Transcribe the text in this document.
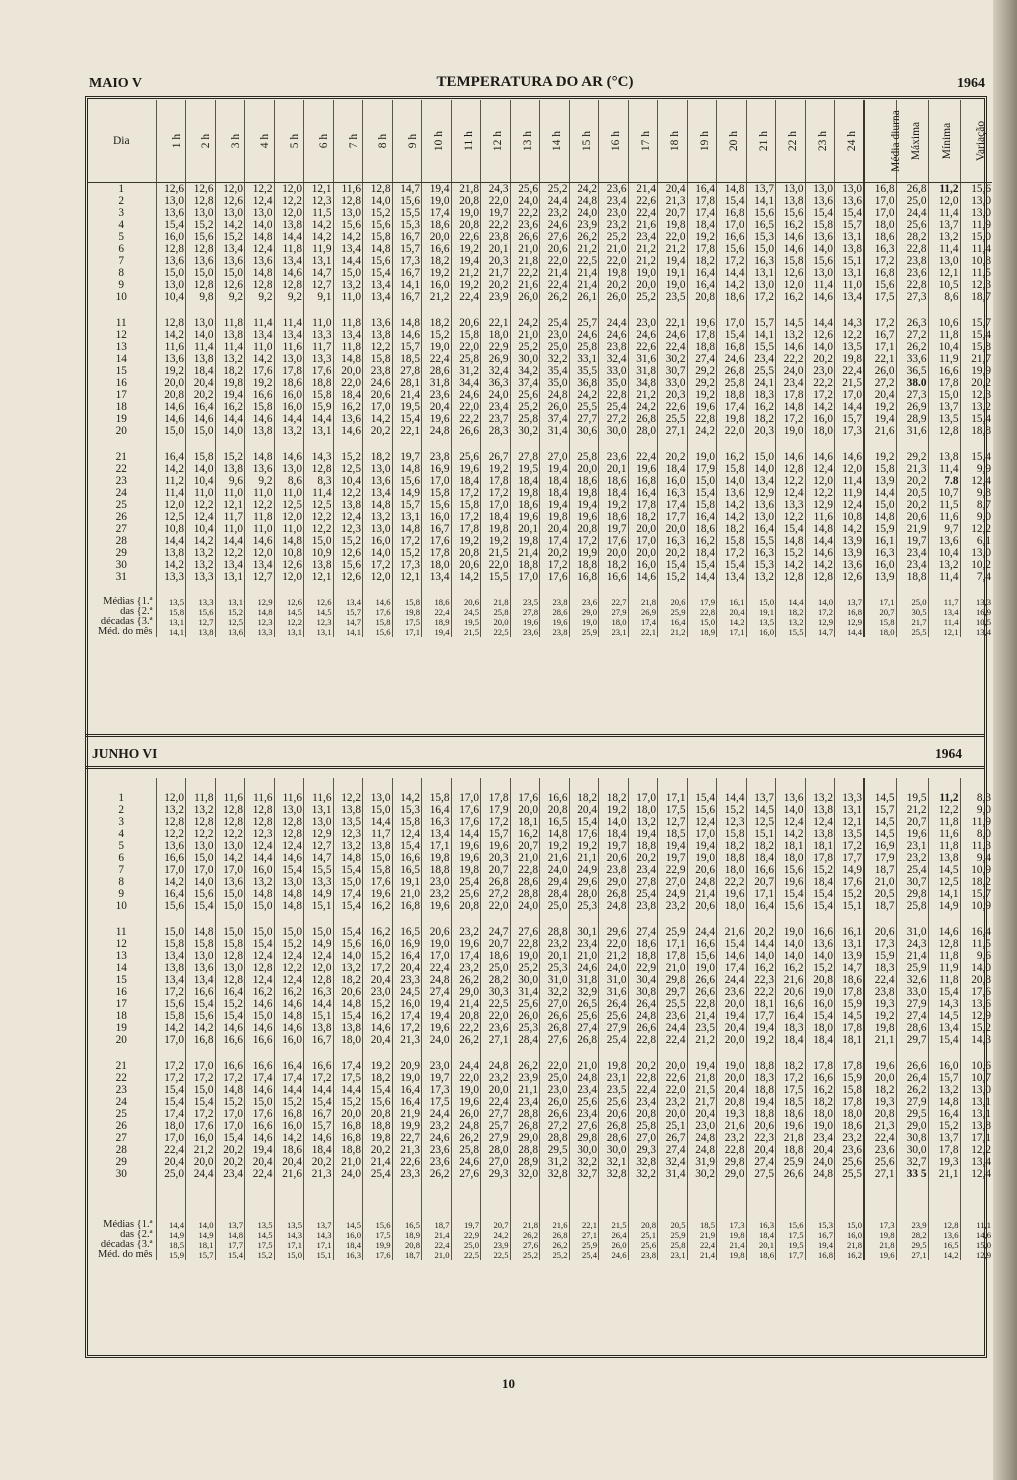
TEMPERATURA DO AR (°C)
MAIO V	1964
Dia	1 h	2 h	3 h	4 h	5 h	6 h	7 h	8 h	9 h	10 h	11 h	12 h	13 h	14 h	15 h	16 h	17 h	18 h	19 h	20 h	21 h	22 h	23 h	24 h	Média diurna	Máxima	Mínima	Variação
1	12,6	12,6	12,0	12,2	12,0	12,1	11,6	12,8	14,7	19,4	21,8	24,3	25,6	25,2	24,2	23,6	21,4	20,4	16,4	14,8	13,7	13,0	13,0	13,0	16,8	26,8	11,2	15,6
2	13,0	12,8	12,6	12,4	12,2	12,3	12,8	14,0	15,6	19,0	20,8	22,0	24,0	24,4	24,8	23,4	22,6	21,3	17,8	15,4	14,1	13,8	13,6	13,6	17,0	25,0	12,0	13,0
3	13,6	13,0	13,0	13,0	12,0	11,5	13,0	15,2	15,5	17,4	19,0	19,7	22,2	23,2	24,0	23,0	22,4	20,7	17,4	16,8	15,6	15,6	15,4	15,4	17,0	24,4	11,4	13,0
4	15,4	15,2	14,2	14,0	13,8	14,2	15,6	15,6	15,3	18,6	20,8	22,2	23,6	24,6	23,9	23,2	21,6	19,8	18,4	17,0	16,5	16,2	15,8	15,7	18,0	25,6	13,7	11,9
5	16,0	15,6	15,2	14,8	14,4	14,2	14,2	15,8	16,7	20,0	22,6	23,8	26,6	27,6	26,2	25,2	23,4	22,0	19,2	16,6	15,3	14,6	13,6	13,1	18,6	28,2	13,2	15,0
6	12,8	12,8	13,4	12,4	11,8	11,9	13,4	14,8	15,7	16,6	19,2	20,1	21,0	20,6	21,2	21,0	21,2	21,2	17,8	15,6	15,0	14,6	14,0	13,8	16,3	22,8	11,4	11,4
7	13,6	13,6	13,6	13,6	13,4	13,1	14,4	15,6	17,3	18,2	19,4	20,3	21,8	22,0	22,5	22,0	21,2	19,4	18,2	17,2	16,3	15,8	15,6	15,1	17,2	23,8	13,0	10,8
8	15,0	15,0	15,0	14,8	14,6	14,7	15,0	15,4	16,7	19,2	21,2	21,7	22,2	21,4	21,4	19,8	19,0	19,1	16,4	14,4	13,1	12,6	13,0	13,1	16,8	23,6	12,1	11,5
9	13,0	12,8	12,6	12,8	12,8	12,7	13,2	13,4	14,1	16,0	19,2	20,2	21,6	22,4	21,4	20,2	20,0	19,0	16,4	14,2	13,0	12,0	11,4	11,0	15,6	22,8	10,5	12,3
10	10,4	9,8	9,2	9,2	9,2	9,1	11,0	13,4	16,7	21,2	22,4	23,9	26,0	26,2	26,1	26,0	25,2	23,5	20,8	18,6	17,2	16,2	14,6	13,4	17,5	27,3	8,6	18,7

11	12,8	13,0	11,8	11,4	11,4	11,0	11,8	13,6	14,8	18,2	20,6	22,1	24,2	25,4	25,7	24,4	23,0	22,1	19,6	17,0	15,7	14,5	14,4	14,3	17,2	26,3	10,6	15,7
12	14,2	14,0	13,8	13,4	13,4	13,3	13,4	13,8	14,6	15,2	15,8	18,0	21,0	23,0	24,6	24,6	24,6	24,6	17,8	15,4	14,1	13,2	12,6	12,2	16,7	27,2	11,8	15,4
13	11,6	11,4	11,4	11,0	11,6	11,7	11,8	12,2	15,7	19,0	22,0	22,9	25,2	25,0	25,8	23,8	22,6	22,4	18,8	16,8	15,5	14,6	14,0	13,5	17,1	26,2	10,4	15,8
14	13,6	13,8	13,2	14,2	13,0	13,3	14,8	15,8	18,5	22,4	25,8	26,9	30,0	32,2	33,1	32,4	31,6	30,2	27,4	24,6	23,4	22,2	20,2	19,8	22,1	33,6	11,9	21,7
15	19,2	18,4	18,2	17,6	17,8	17,6	20,0	23,8	27,8	28,6	31,2	32,4	34,2	35,4	35,5	33,0	31,8	30,7	29,2	26,8	25,5	24,0	23,0	22,4	26,0	36,5	16,6	19,9
16	20,0	20,4	19,8	19,2	18,6	18,8	22,0	24,6	28,1	31,8	34,4	36,3	37,4	35,0	36,8	35,0	34,8	33,0	29,2	25,8	24,1	23,4	22,2	21,5	27,2	38.0	17,8	20,2
17	20,8	20,2	19,4	16,6	16,0	15,8	18,4	20,6	21,4	23,6	24,6	24,0	25,6	24,8	24,2	22,8	21,2	20,3	19,2	18,8	18,3	17,8	17,2	17,0	20,4	27,3	15,0	12,3
18	14,6	16,4	16,2	15,8	16,0	15,9	16,2	17,0	19,5	20,4	22,0	23,4	25,2	26,0	25,5	25,4	24,2	22,6	19,6	17,4	16,2	14,8	14,2	14,4	19,2	26,9	13,7	13,2
19	14,6	14,6	14,4	14,6	14,4	14,4	13,6	14,2	15,4	19,6	22,2	23,7	25,8	37,4	27,7	27,2	26,8	25,5	22,8	19,8	18,2	17,2	16,0	15,7	19,4	28,9	13,5	15,4
20	15,0	15,0	14,0	13,8	13,2	13,1	14,6	20,2	22,1	24,8	26,6	28,3	30,2	31,4	30,6	30,0	28,0	27,1	24,2	22,0	20,3	19,0	18,0	17,3	21,6	31,6	12,8	18,8

21	16,4	15,8	15,2	14,8	14,6	14,3	15,2	18,2	19,7	23,8	25,6	26,7	27,8	27,0	25,8	23,6	22,4	20,2	19,0	16,2	15,0	14,6	14,6	14,6	19,2	29,2	13,8	15,4
22	14,2	14,0	13,8	13,6	13,0	12,8	12,5	13,0	14,8	16,9	19,6	19,2	19,5	19,4	20,0	20,1	19,6	18,4	17,9	15,8	14,0	12,8	12,4	12,0	15,8	21,3	11,4	9,9
23	11,2	10,4	9,6	9,2	8,6	8,3	10,4	13,6	15,6	17,0	18,4	17,8	18,4	18,4	18,6	18,6	16,8	16,0	15,0	14,0	13,4	12,2	12,0	11,4	13,9	20,2	7.8	12,4
24	11,4	11,0	11,0	11,0	11,0	11,4	12,2	13,4	14,9	15,8	17,2	17,2	19,8	18,4	19,8	18,4	16,4	16,3	15,4	13,6	12,9	12,4	12,2	11,9	14,4	20,5	10,7	9,8
25	12,0	12,2	12,1	12,2	12,5	12,5	13,8	14,8	15,7	15,6	15,8	17,0	18,6	19,4	19,4	19,2	17,8	17,4	15,8	14,2	13,6	13,3	12,9	12,4	15,0	20,2	11,5	8,7
26	12,5	12,4	11,7	11,8	12,0	12,2	12,4	13,2	13,1	16,0	17,2	18,4	19,6	19,8	19,6	18,6	18,2	17,7	16,4	14,2	13,0	12,2	11,6	10,8	14,8	20,6	11,6	9,0
27	10,8	10,4	11,0	11,0	11,0	12,2	12,3	13,0	14,8	16,7	17,8	19,8	20,1	20,4	20,8	19,7	20,0	20,0	18,6	18,2	16,4	15,4	14,8	14,2	15,9	21,9	9,7	12,2
28	14,4	14,2	14,4	14,6	14,8	15,0	15,2	16,0	17,2	17,6	19,2	19,2	19,8	17,4	17,2	17,6	17,0	16,3	16,2	15,8	15,5	14,8	14,4	13,9	16,1	19,7	13,6	6,1
29	13,8	13,2	12,2	12,0	10,8	10,9	12,6	14,0	15,2	17,8	20,8	21,5	21,4	20,2	19,9	20,0	20,0	20,2	18,4	17,2	16,3	15,2	14,6	13,9	16,3	23,4	10,4	13,0
30	14,2	13,2	13,4	13,4	12,6	13,8	15,6	17,2	17,3	18,0	20,6	22,0	18,8	17,2	18,8	18,2	16,0	15,4	15,4	15,4	15,3	14,2	14,2	13,6	16,0	23,4	13,2	10,2
31	13,3	13,3	13,1	12,7	12,0	12,1	12,6	12,0	12,1	13,4	14,2	15,5	17,0	17,6	16,8	16,6	14,6	15,2	14,4	13,4	13,2	12,8	12,8	12,6	13,9	18,8	11,4	7,4

Médias {1.ª	13,5	13,3	13,1	12,9	12,6	12,6	13,4	14,6	15,8	18,6	20,6	21,8	23,5	23,8	23,6	22,7	21,8	20,6	17,9	16,1	15,0	14,4	14,0	13,7	17,1	25,0	11,7	13,3
das {2.ª	15,8	15,6	15,2	14,8	14,5	14,5	15,7	17,6	19,8	22,4	24,5	25,8	27,8	28,6	29,0	27,9	26,9	25,9	22,8	20,4	19,1	18,2	17,2	16,8	20,7	30,5	13,4	16,9
décadas {3.ª	13,1	12,7	12,5	12,3	12,2	12,3	14,7	15,8	17,5	18,9	19,5	20,0	19,6	19,6	19,0	18,0	17,4	16,4	15,0	14,2	13,5	13,2	12,9	12,9	15,8	21,7	11,4	10,5
Méd. do mês	14,1	13,8	13,6	13,3	13,1	13,1	14,1	15,6	17,1	19,4	21,5	22,5	23,6	23,8	25,9	23,1	22,1	21,2	18,9	17,1	16,0	15,5	14,7	14,4	18,0	25,5	12,1	13,4
JUNHO VI	1964

1	12,0	11,8	11,6	11,6	11,6	11,6	12,2	13,0	14,2	15,8	17,0	17,8	17,6	16,6	18,2	18,2	17,0	17,1	15,4	14,4	13,7	13,6	13,2	13,3	14,5	19,5	11,2	8,3
2	13,2	13,2	12,8	12,8	13,0	13,1	13,8	15,0	15,3	16,4	17,6	17,9	20,0	20,8	20,4	19,2	18,0	17,5	15,6	15,2	14,5	14,0	13,8	13,1	15,7	21,2	12,2	9,0
3	12,8	12,8	12,8	12,8	12,8	13,0	13,5	14,4	15,8	16,3	17,6	17,2	18,1	16,5	15,4	14,0	13,2	12,7	12,4	12,3	12,5	12,4	12,4	12,1	14,5	20,7	11,8	11,9
4	12,2	12,2	12,2	12,3	12,8	12,9	12,3	11,7	12,4	13,4	14,4	15,7	16,2	14,8	17,6	18,4	19,4	18,5	17,0	15,8	15,1	14,2	13,8	13,5	14,5	19,6	11,6	8,0
5	13,6	13,0	13,0	12,4	12,4	12,7	13,2	13,8	15,4	17,1	19,6	19,6	20,7	19,2	19,2	19,7	18,8	19,4	19,4	18,2	18,2	18,1	18,1	17,2	16,9	23,1	11,8	11,3
6	16,6	15,0	14,2	14,4	14,6	14,7	14,8	15,0	16,6	19,8	19,6	20,3	21,0	21,6	21,1	20,6	20,2	19,7	19,0	18,8	18,4	18,0	17,8	17,7	17,9	23,2	13,8	9,4
7	17,0	17,0	17,0	16,0	15,4	15,5	15,4	15,8	16,5	18,8	19,8	20,7	22,8	24,0	24,9	23,8	23,4	22,9	20,6	18,0	16,6	15,6	15,2	14,9	18,7	25,4	14,5	10,9
8	14,2	14,0	13,6	13,2	13,0	13,3	15,0	17,6	19,1	23,0	25,4	26,8	28,6	29,4	29,6	29,0	27,8	27,0	24,8	22,2	20,7	19,6	18,4	17,6	21,0	30,7	12,5	18,2
9	16,4	15,6	15,0	14,8	14,8	14,9	17,4	19,6	21,0	23,2	25,6	27,2	28,8	28,4	28,0	26,8	25,4	24,9	21,4	19,6	17,1	15,4	15,4	15,2	20,5	29,8	14,1	15,7
10	15,6	15,4	15,0	15,0	14,8	15,1	15,4	16,2	16,8	19,6	20,8	22,0	24,0	25,0	25,3	24,8	23,8	23,2	20,6	18,0	16,4	15,6	15,4	15,1	18,7	25,8	14,9	10,9

11	15,0	14,8	15,0	15,0	15,0	15,0	15,4	16,2	16,5	20,6	23,2	24,7	27,6	28,8	30,1	29,6	27,4	25,9	24,4	21,6	20,2	19,0	16,6	16,1	20,6	31,0	14,6	16,4
12	15,8	15,8	15,8	15,4	15,2	14,9	15,6	16,0	16,9	19,0	19,6	20,7	22,8	23,2	23,4	22,0	18,6	17,1	16,6	15,4	14,4	14,0	13,6	13,1	17,3	24,3	12,8	11,5
13	13,4	13,0	12,8	12,4	12,4	12,4	14,0	15,2	16,4	17,0	17,4	18,6	19,0	20,1	21,0	21,2	18,8	17,8	15,6	14,6	14,0	14,0	14,0	13,9	15,9	21,4	11,8	9,6
14	13,8	13,6	13,0	12,8	12,2	12,0	13,2	17,2	20,4	22,4	23,2	25,0	25,2	25,3	24,6	24,0	22,9	21,0	19,0	17,4	16,2	16,2	15,2	14,7	18,3	25,9	11,9	14,0
15	13,4	13,4	12,8	12,4	12,4	12,8	18,2	20,4	23,3	24,8	26,2	28,2	30,0	31,0	31,8	31,0	30,4	29,8	26,6	24,4	22,3	21,6	20,8	18,6	22,4	32,6	11,8	20,8
16	17,2	16,6	16,4	16,2	16,2	16,3	20,6	23,0	24,5	27,4	29,0	30,3	31,4	32,2	32,9	31,6	30,8	29,7	26,6	23,6	22,2	20,6	19,0	17,8	23,8	33,0	15,4	17,6
17	15,6	15,4	15,2	14,6	14,6	14,4	14,8	15,2	16,0	19,4	21,4	22,5	25,6	27,0	26,5	26,4	26,4	25,5	22,8	20,0	18,1	16,6	16,0	15,9	19,3	27,9	14,3	13,6
18	15,8	15,6	15,4	15,0	14,8	15,1	15,4	16,2	17,4	19,4	20,8	22,0	26,0	26,6	25,6	25,6	24,8	23,6	21,4	19,4	17,7	16,4	15,4	14,5	19,2	27,4	14,5	12,9
19	14,2	14,2	14,6	14,6	14,6	13,8	13,8	14,6	17,2	19,6	22,2	23,6	25,3	26,8	27,4	27,9	26,6	24,4	23,5	20,4	19,4	18,3	18,0	17,8	19,8	28,6	13,4	15,2
20	17,0	16,8	16,6	16,6	16,0	16,7	18,0	20,4	21,3	24,0	26,2	27,1	28,4	27,6	26,8	25,4	22,8	22,4	21,2	20,0	19,2	18,4	18,4	18,1	21,1	29,7	15,4	14,3

21	17,2	17,0	16,6	16,6	16,4	16,6	17,4	19,2	20,9	23,0	24,4	24,8	26,2	22,0	21,0	19,8	20,2	20,0	19,4	19,0	18,8	18,2	17,8	17,8	19,6	26,6	16,0	10,6
22	17,2	17,2	17,2	17,4	17,4	17,2	17,5	18,2	19,0	19,7	22,0	23,2	23,9	25,0	24,8	23,1	22,8	22,6	21,8	20,0	18,3	17,2	16,6	15,9	20,0	26,4	15,7	10,7
23	15,4	15,0	14,8	14,6	14,4	14,4	14,4	15,4	16,4	17,3	19,0	20,0	21,1	23,0	23,4	23,5	22,4	22,0	21,5	20,4	18,8	17,5	16,2	15,8	18,2	26,2	13,2	13,0
24	15,4	15,4	15,2	15,0	15,2	15,4	15,2	15,6	16,4	17,5	19,6	22,4	23,4	26,0	25,6	25,6	23,4	23,2	21,7	20,8	19,4	18,5	18,2	17,8	19,3	27,9	14,8	13,1
25	17,4	17,2	17,0	17,6	16,8	16,7	20,0	20,8	21,9	24,4	26,0	27,7	28,8	26,6	23,4	20,6	20,8	20,0	20,4	19,3	18,8	18,6	18,0	18,0	20,8	29,5	16,4	13,1
26	18,0	17,6	17,0	16,6	16,0	15,7	16,8	18,8	19,9	23,2	24,8	25,7	26,8	27,2	27,6	26,8	25,8	25,1	23,0	21,6	20,6	19,6	19,0	18,6	21,3	29,0	15,2	13,8
27	17,0	16,0	15,4	14,6	14,2	14,6	16,8	19,8	22,7	24,6	26,2	27,9	29,0	28,8	29,8	28,6	27,0	26,7	24,8	23,2	22,3	21,8	23,4	23,2	22,4	30,8	13,7	17,1
28	22,4	21,2	20,2	19,4	18,6	18,4	18,8	20,2	21,3	23,6	25,8	28,0	28,8	29,5	30,0	30,0	29,3	27,4	24,8	22,8	20,4	18,8	20,4	23,6	23,6	30,0	17,8	12,2
29	20,4	20,0	20,2	20,4	20,4	20,2	21,0	21,4	22,6	23,6	24,6	27,0	28,9	31,2	32,2	32,1	32,8	32,4	31,9	29,8	27,4	25,9	24,0	25,6	25,6	32,7	19,3	13,4
30	25,0	24,4	23,4	22,4	21,6	21,3	24,0	25,4	23,3	26,2	27,6	29,3	32,0	32,8	32,7	32,8	32,2	31,4	30,2	29,0	27,5	26,6	24,8	25,5	27,1	33 5	21,1	12,4

Médias {1.ª	14,4	14,0	13,7	13,5	13,5	13,7	14,5	15,6	16,5	18,7	19,7	20,7	21,8	21,6	22,1	21,5	20,8	20,5	18,5	17,3	16,3	15,6	15,3	15,0	17,3	23,9	12,8	11,1
das {2.ª	14,9	14,9	14,8	14,5	14,3	14,3	16,0	17,5	18,9	21,4	22,9	24,2	26,2	26,8	27,1	26,4	25,1	25,9	21,9	19,8	18,4	17,5	16,7	16,0	19,8	28,2	13,6	14,6
décadas {3.ª	18,5	18,1	17,7	17,5	17,1	17,1	18,4	19,9	20,8	22,4	25,0	23,9	27,6	26,2	25,9	26,0	25,6	25,8	22,4	21,4	20,1	19,5	19,4	21,8	21,8	29,5	16,5	15,0
Méd. do mês	15,9	15,7	15,4	15,2	15,0	15,1	16,3	17,6	18,7	21,0	22,5	22,5	25,2	25,2	25,4	24,6	23,8	23,1	21,4	19,8	18,6	17,7	16,8	16,2	19,6	27,1	14,2	12,9
10
